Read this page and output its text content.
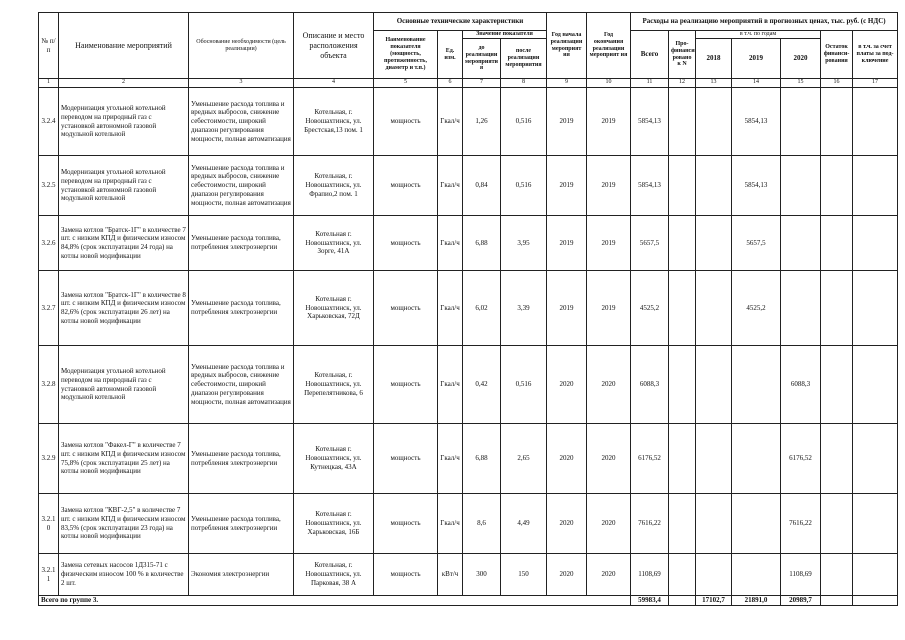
№ п/п	Наименование мероприятий	Обоснование необходимости (цель реализации)	Описание и место расположения объекта	Основные технические характеристики				Год начала реализации мероприят ия	Год окончания реализации мероприят ия	Расходы на реализацию мероприятий в прогнозных ценах, тыс. руб. (с НДС)						
				Наименование показателя (мощность, протяженность, диаметр и т.п.)	Ед. изм.	Значение показателя				Всего	Про- финанси ровано к N	в т.ч. по годам			Остаток финанси- рования	в т.ч. за счет платы за под- ключение
						до реализации мероприяти я	после реализации мероприятия					2018	2019	2020		

1	2	3	4	5	6	7	8	9	10	11	12	13	14	15	16	17
3.2.4	Модернизация угольной котельной переводом на природный газ с установкой автономной газовой модульной котельной	Уменьшение расхода топлива и вредных выбросов, снижение себестоимости, широкий диапазон регулирования мощности, полная автоматизация	Котельная, г. Новошахтинск, ул. Брестская,13 пом. 1	мощность	Гкал/ч	1,26	0,516	2019	2019	5854,13			5854,13			
3.2.5	Модернизация угольной котельной переводом на природный газ с установкой автономной газовой модульной котельной	Уменьшение расхода топлива и вредных выбросов, снижение себестоимости, широкий диапазон регулирования мощности, полная автоматизация	Котельная, г. Новошахтинск, ул. Фрапио,2 пом. 1	мощность	Гкал/ч	0,84	0,516	2019	2019	5854,13			5854,13			
3.2.6	Замена котлов "Братск-1Г" в количестве 7 шт. с низким КПД и физическим износом 84,8% (срок эксплуатации 24 года) на котлы новой модификации	Уменьшение расхода топлива, потребления электроэнергии	Котельная г. Новошахтинск, ул. Зорге, 41А	мощность	Гкал/ч	6,88	3,95	2019	2019	5657,5			5657,5			
3.2.7	Замена котлов "Братск-1Г" в количестве 8 шт. с низким КПД и физическим износом 82,6% (срок эксплуатации 26 лет) на котлы новой модификации	Уменьшение расхода топлива, потребления электроэнергии	Котельная г. Новошахтинск, ул. Харьковская, 72Д	мощность	Гкал/ч	6,02	3,39	2019	2019	4525,2			4525,2			
3.2.8	Модернизация угольной котельной переводом на природный газ с установкой автономной газовой модульной котельной	Уменьшение расхода топлива и вредных выбросов, снижение себестоимости, широкий диапазон регулирования мощности, полная автоматизация	Котельная, г. Новошахтинск, ул. Перепелятникова, 6	мощность	Гкал/ч	0,42	0,516	2020	2020	6088,3				6088,3		
3.2.9	Замена котлов "Факел-Г" в количестве 7 шт. с низким КПД и физическим износом 75,8% (срок эксплуатации 25 лет) на котлы новой модификации	Уменьшение расхода топлива, потребления электроэнергии	Котельная г. Новошахтинск, ул. Кутнецкая, 43А	мощность	Гкал/ч	6,88	2,65	2020	2020	6176,52				6176,52		
3.2.1 0	Замена котлов "КВГ-2,5" в количестве 7 шт. с низким КПД и физическим износом 83,5% (срок эксплуатации 23 года) на котлы новой модификации	Уменьшение расхода топлива, потребления электроэнергии	Котельная г. Новошахтинск, ул. Харьковская, 16Б	мощность	Гкал/ч	8,6	4,49	2020	2020	7616,22				7616,22		
3.2.1 1	Замена сетевых насосов 1Д315-71 с физическим износом 100 % в количестве 2 шт.	Экономия электроэнергии	Котельная, г. Новошахтинск, ул. Парковая, 38 А	мощность	кВт/ч	300	150	2020	2020	1108,69				1108,69		
Всего по группе 3.										59983,4		17102,7	21891,0	20989,7		
